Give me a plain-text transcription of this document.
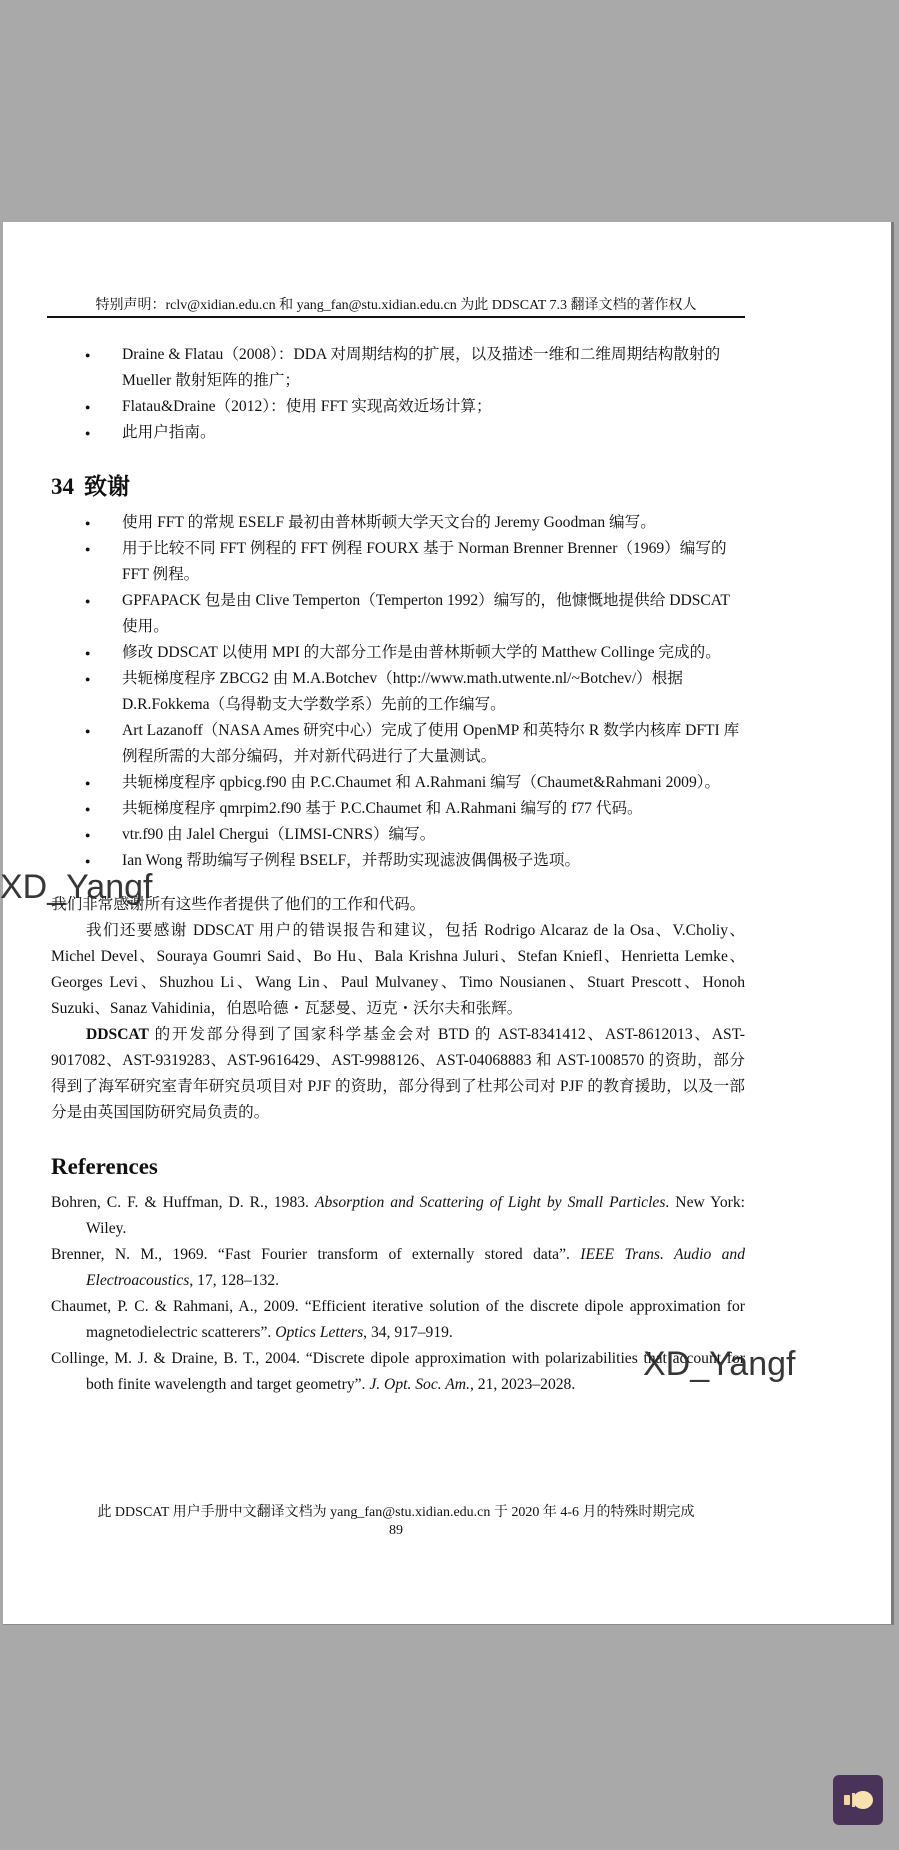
特别声明：rclv@xidian.edu.cn 和 yang_fan@stu.xidian.edu.cn 为此 DDSCAT 7.3 翻译文档的著作权人
● Draine & Flatau（2008）：DDA 对周期结构的扩展，以及描述一维和二维周期结构散射的 Mueller 散射矩阵的推广；
● Flatau&Draine（2012）：使用 FFT 实现高效近场计算；
● 此用户指南。
34 致谢
● 使用 FFT 的常规 ESELF 最初由普林斯顿大学天文台的 Jeremy Goodman 编写。
● 用于比较不同 FFT 例程的 FFT 例程 FOURX 基于 Norman Brenner Brenner（1969）编写的 FFT 例程。
● GPFAPACK 包是由 Clive Temperton（Temperton 1992）编写的，他慷慨地提供给 DDSCAT 使用。
● 修改 DDSCAT 以使用 MPI 的大部分工作是由普林斯顿大学的 Matthew Collinge 完成的。
● 共轭梯度程序 ZBCG2 由 M.A.Botchev（http://www.math.utwente.nl/~Botchev/）根据 D.R.Fokkema（乌得勒支大学数学系）先前的工作编写。
● Art Lazanoff（NASA Ames 研究中心）完成了使用 OpenMP 和英特尔 R 数学内核库 DFTI 库例程所需的大部分编码，并对新代码进行了大量测试。
● 共轭梯度程序 qpbicg.f90 由 P.C.Chaumet 和 A.Rahmani 编写（Chaumet&Rahmani 2009）。
● 共轭梯度程序 qmrpim2.f90 基于 P.C.Chaumet 和 A.Rahmani 编写的 f77 代码。
● vtr.f90 由 Jalel Chergui（LIMSI-CNRS）编写。
● Ian Wong 帮助编写子例程 BSELF，并帮助实现滤波偶偶极子选项。

我们非常感谢所有这些作者提供了他们的工作和代码。

我们还要感谢 DDSCAT 用户的错误报告和建议，包括 Rodrigo Alcaraz de la Osa、V.Choliy、Michel Devel、Souraya Goumri Said、Bo Hu、Bala Krishna Juluri、Stefan Kniefl、Henrietta Lemke、Georges Levi、Shuzhou Li、Wang Lin、Paul Mulvaney、Timo Nousianen、Stuart Prescott、Honoh Suzuki、Sanaz Vahidinia，伯恩哈德・瓦瑟曼、迈克・沃尔夫和张辉。

DDSCAT 的开发部分得到了国家科学基金会对 BTD 的 AST-8341412、AST-8612013、AST-9017082、AST-9319283、AST-9616429、AST-9988126、AST-04068883 和 AST-1008570 的资助，部分得到了海军研究室青年研究员项目对 PJF 的资助，部分得到了杜邦公司对 PJF 的教育援助，以及一部分是由英国国防研究局负责的。

References

Bohren, C. F. & Huffman, D. R., 1983. Absorption and Scattering of Light by Small Particles. New York: Wiley.

Brenner, N. M., 1969. “Fast Fourier transform of externally stored data”. IEEE Trans. Audio and Electroacoustics, 17, 128–132.

Chaumet, P. C. & Rahmani, A., 2009. “Efficient iterative solution of the discrete dipole approximation for magnetodielectric scatterers”. Optics Letters, 34, 917–919.

Collinge, M. J. & Draine, B. T., 2004. “Discrete dipole approximation with polarizabilities that account for both finite wavelength and target geometry”. J. Opt. Soc. Am., 21, 2023–2028.

此 DDSCAT 用户手册中文翻译文档为 yang_fan@stu.xidian.edu.cn 于 2020 年 4-6 月的特殊时期完成
89
XD_Yangf
XD_Yangf
